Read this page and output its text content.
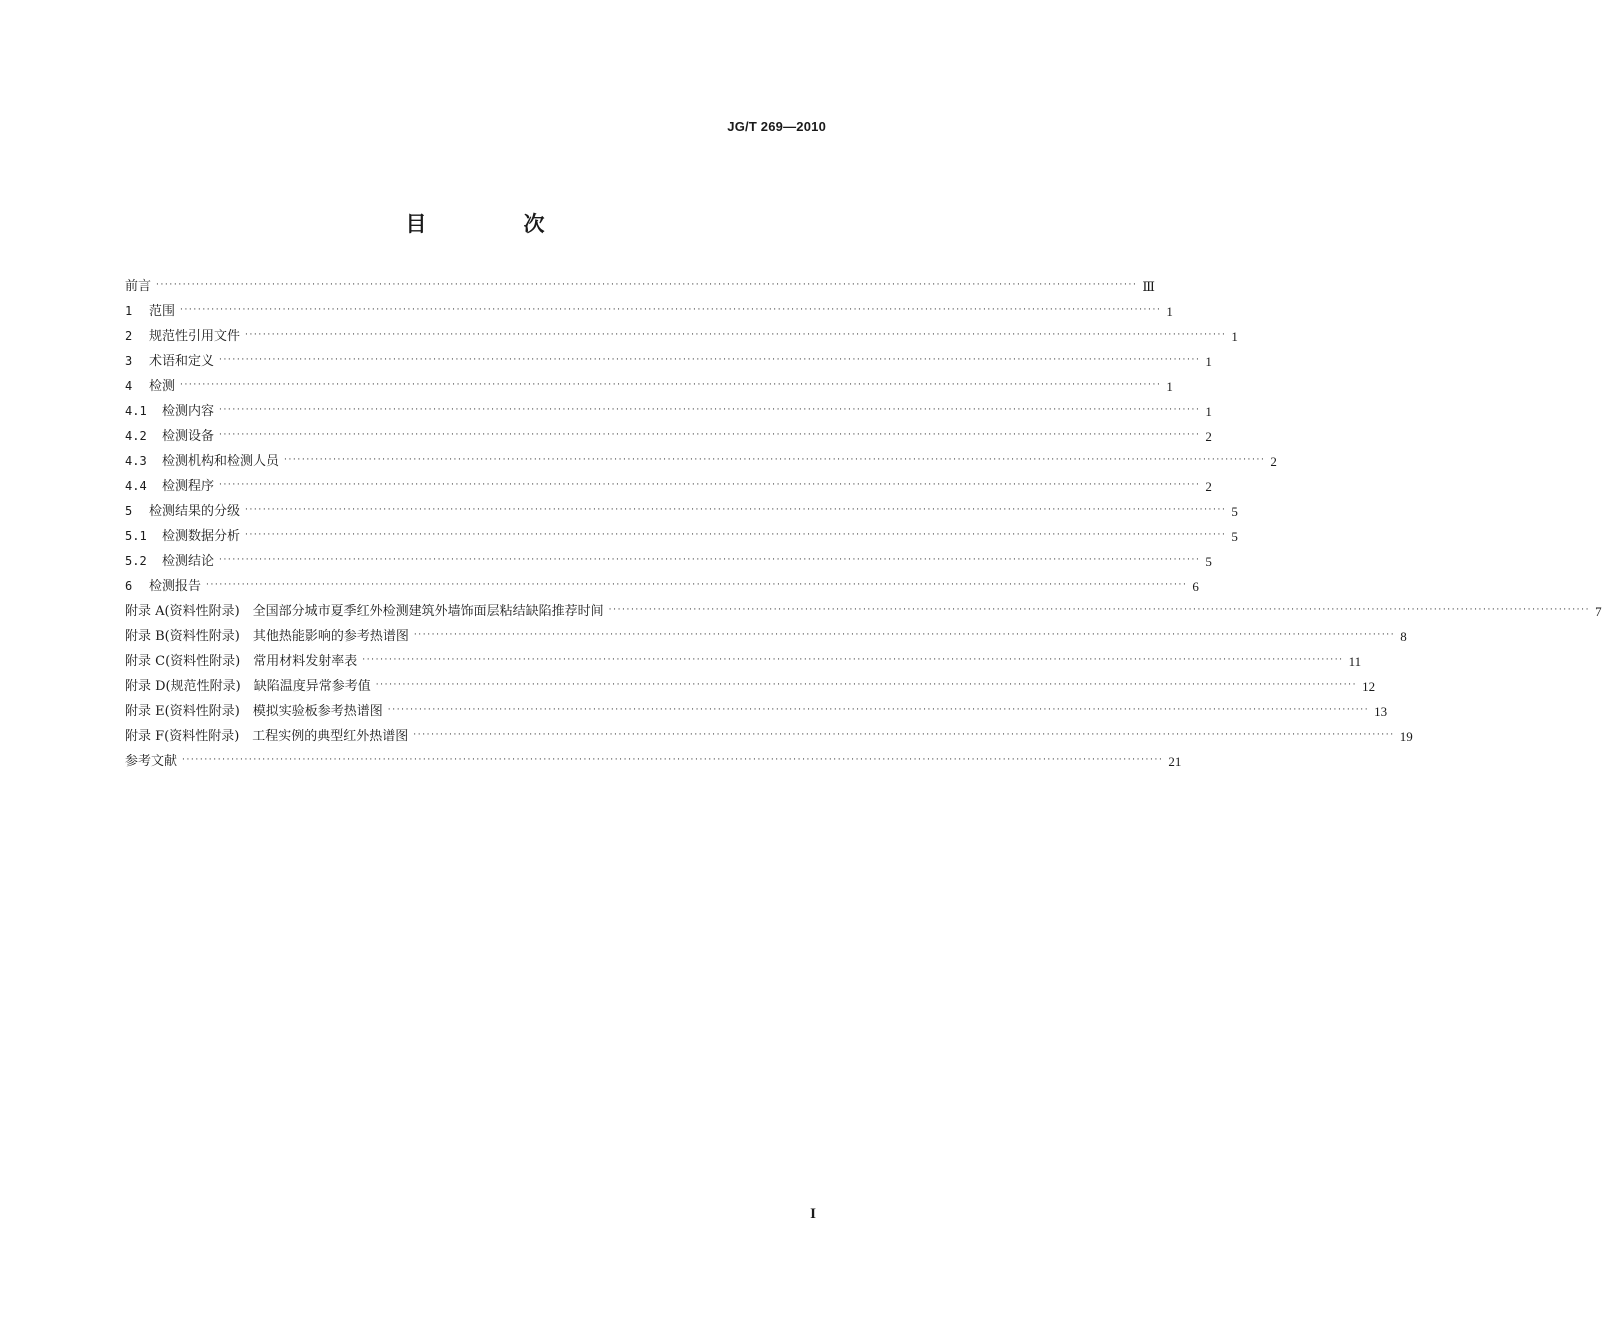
JG/T 269—2010
目　次
前言 ···························································································································································································································· Ⅲ
1 范围 ···························································································································································································································· 1
2 规范性引用文件 ···························································································································································································································· 1
3 术语和定义 ···························································································································································································································· 1
4 检测 ···························································································································································································································· 1
4.1 检测内容 ···························································································································································································································· 1
4.2 检测设备 ···························································································································································································································· 2
4.3 检测机构和检测人员 ···························································································································································································································· 2
4.4 检测程序 ···························································································································································································································· 2
5 检测结果的分级 ···························································································································································································································· 5
5.1 检测数据分析 ···························································································································································································································· 5
5.2 检测结论 ···························································································································································································································· 5
6 检测报告 ···························································································································································································································· 6
附录 A(资料性附录)　全国部分城市夏季红外检测建筑外墙饰面层粘结缺陷推荐时间 ···························································································································································································································· 7
附录 B(资料性附录)　其他热能影响的参考热谱图 ···························································································································································································································· 8
附录 C(资料性附录)　常用材料发射率表 ···························································································································································································································· 11
附录 D(规范性附录)　缺陷温度异常参考值 ···························································································································································································································· 12
附录 E(资料性附录)　模拟实验板参考热谱图 ···························································································································································································································· 13
附录 F(资料性附录)　工程实例的典型红外热谱图 ···························································································································································································································· 19
参考文献 ···························································································································································································································· 21
I
